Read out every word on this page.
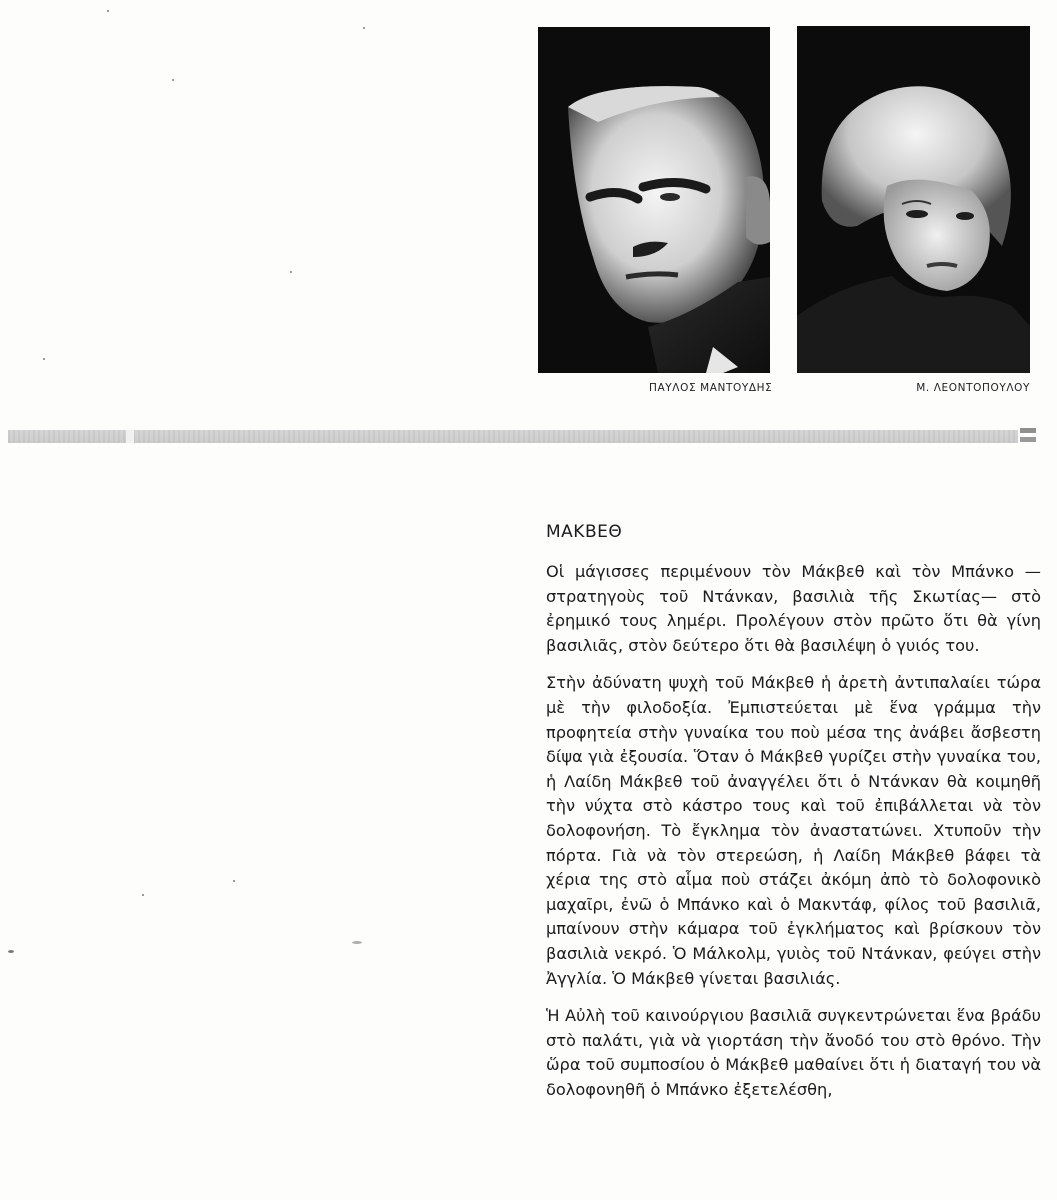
ΠΑΥΛΟΣ ΜΑΝΤΟΥΔΗΣ	Μ. ΛΕΟΝΤΟΠΟΥΛΟΥ
ΜΑΚΒΕΘ

Οἱ μάγισσες περιμένουν τὸν Μάκβεθ καὶ τὸν Μπάνκο — στρατηγοὺς τοῦ Ντάνκαν, βασιλιὰ τῆς Σκωτίας— στὸ ἐρημικό τους λημέρι. Προλέγουν στὸν πρῶτο ὅτι θὰ γίνη βασιλιᾶς, στὸν δεύτερο ὅτι θὰ βασιλέψη ὁ γυιός του.

Στὴν ἀδύνατη ψυχὴ τοῦ Μάκβεθ ἡ ἀρετὴ ἀντιπαλαίει τώρα μὲ τὴν φιλοδοξία. Ἐμπιστεύεται μὲ ἕνα γράμμα τὴν προφητεία στὴν γυναίκα του ποὺ μέσα της ἀνάβει ἄσβεστη δίψα γιὰ ἐξουσία. Ὅταν ὁ Μάκβεθ γυρίζει στὴν γυναίκα του, ἡ Λαίδη Μάκβεθ τοῦ ἀναγγέλει ὅτι ὁ Ντάνκαν θὰ κοιμηθῆ τὴν νύχτα στὸ κάστρο τους καὶ τοῦ ἐπιβάλλεται νὰ τὸν δολοφονήση. Τὸ ἔγκλημα τὸν ἀναστατώνει. Χτυποῦν τὴν πόρτα. Γιὰ νὰ τὸν στερεώση, ἡ Λαίδη Μάκβεθ βάφει τὰ χέρια της στὸ αἷμα ποὺ στάζει ἀκόμη ἀπὸ τὸ δολοφονικὸ μαχαῖρι, ἐνῶ ὁ Μπάνκο καὶ ὁ Μακντάφ, φίλος τοῦ βασιλιᾶ, μπαίνουν στὴν κάμαρα τοῦ ἐγκλήματος καὶ βρίσκουν τὸν βασιλιὰ νεκρό. Ὁ Μάλκολμ, γυιὸς τοῦ Ντάνκαν, φεύγει στὴν Ἀγγλία. Ὁ Μάκβεθ γίνεται βασιλιάς.

Ἡ Αὐλὴ τοῦ καινούργιου βασιλιᾶ συγκεντρώνεται ἕνα βράδυ στὸ παλάτι, γιὰ νὰ γιορτάση τὴν ἄνοδό του στὸ θρόνο. Τὴν ὥρα τοῦ συμποσίου ὁ Μάκβεθ μαθαίνει ὅτι ἡ διαταγή του νὰ δολοφονηθῆ ὁ Μπάνκο ἐξετελέσθη,
